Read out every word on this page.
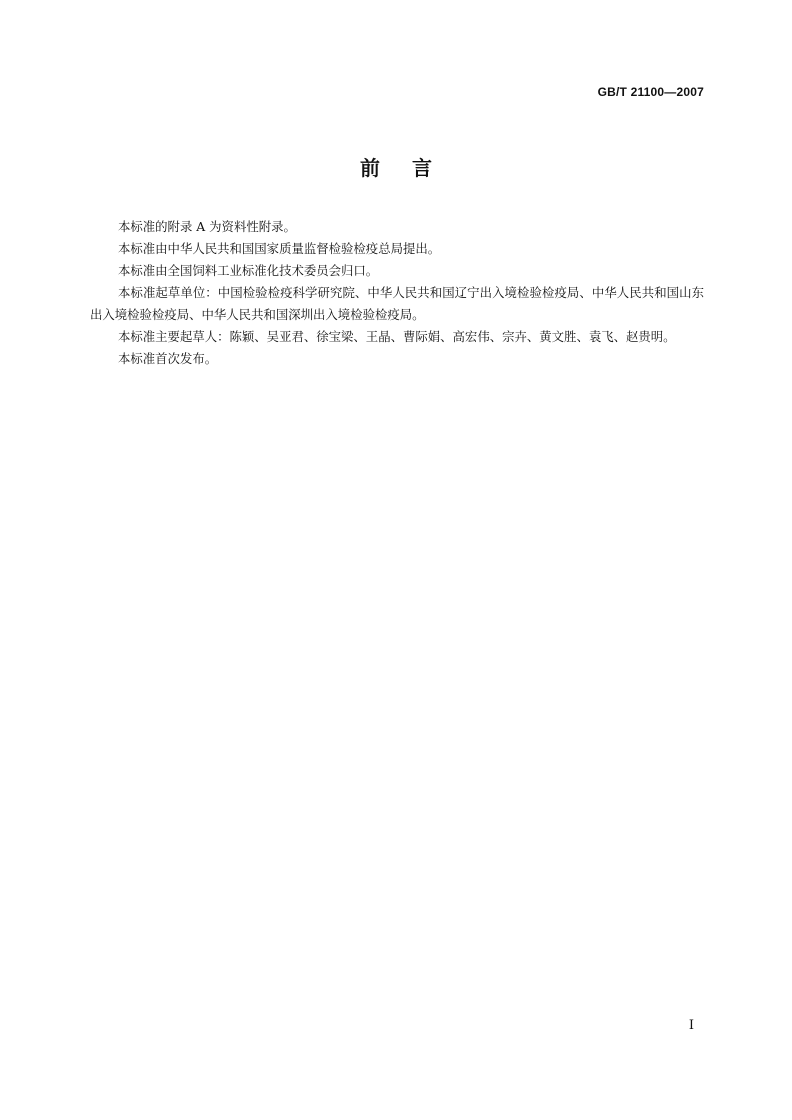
GB/T 21100—2007
前 言

本标准的附录 A 为资料性附录。

本标准由中华人民共和国国家质量监督检验检疫总局提出。

本标准由全国饲料工业标准化技术委员会归口。

本标准起草单位：中国检验检疫科学研究院、中华人民共和国辽宁出入境检验检疫局、中华人民共和国山东出入境检验检疫局、中华人民共和国深圳出入境检验检疫局。

本标准主要起草人：陈颖、吴亚君、徐宝梁、王晶、曹际娟、高宏伟、宗卉、黄文胜、袁飞、赵贵明。

本标准首次发布。

I
